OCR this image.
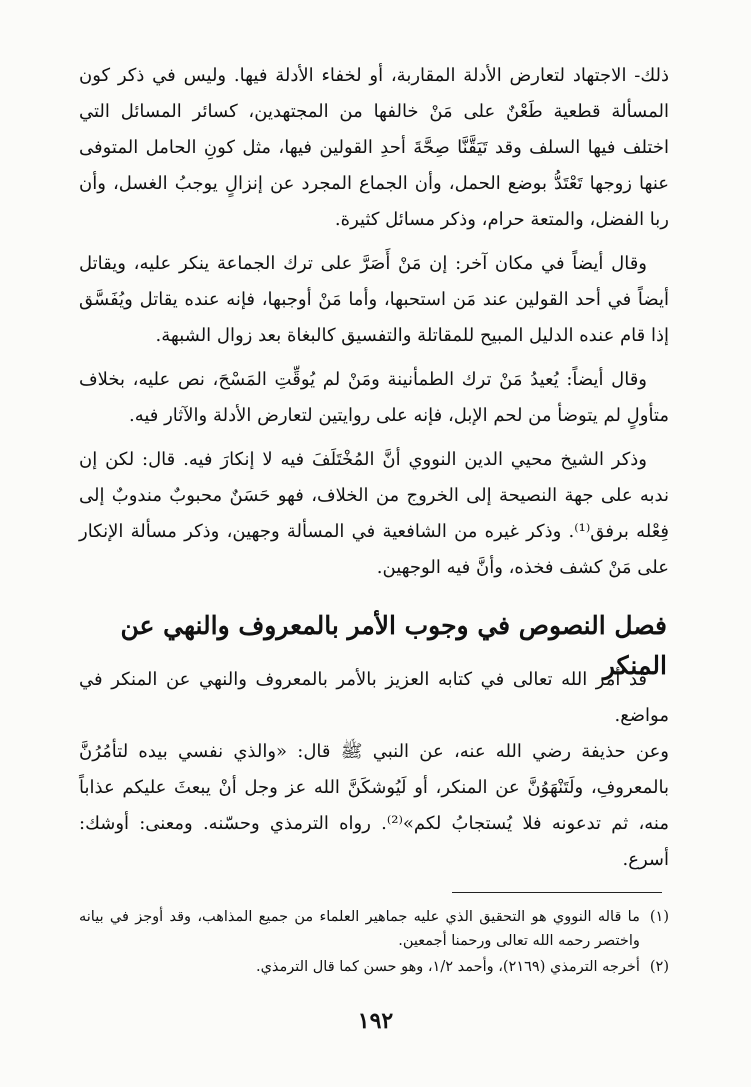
ذلك- الاجتهاد لتعارض الأدلة المقاربة، أو لخفاء الأدلة فيها. وليس في ذكر كون المسألة قطعية طَعْنٌ على مَنْ خالفها من المجتهدين، كسائر المسائل التي اختلف فيها السلف وقد تَيَقَّنَّا صِحَّةَ أحدِ القولين فيها، مثل كونِ الحامل المتوفى عنها زوجها تَعْتَدُّ بوضع الحمل، وأن الجماع المجرد عن إنزالٍ يوجبُ الغسل، وأن ربا الفضل، والمتعة حرام، وذكر مسائل كثيرة.

وقال أيضاً في مكان آخر: إن مَنْ أَصَرَّ على ترك الجماعة ينكر عليه، ويقاتل أيضاً في أحد القولين عند مَن استحبها، وأما مَنْ أوجبها، فإنه عنده يقاتل ويُفَسَّق إذا قام عنده الدليل المبيح للمقاتلة والتفسيق كالبغاة بعد زوال الشبهة.

وقال أيضاً: يُعيدُ مَنْ ترك الطمأنينة ومَنْ لم يُوقِّتِ المَسْحَ، نص عليه، بخلاف متأولٍ لم يتوضأ من لحم الإبل، فإنه على روايتين لتعارض الأدلة والآثار فيه.

وذكر الشيخ محيي الدين النووي أنَّ المُخْتَلَفَ فيه لا إنكارَ فيه. قال: لكن إن ندبه على جهة النصيحة إلى الخروج من الخلاف، فهو حَسَنٌ محبوبٌ مندوبٌ إلى فِعْله برفق⁽¹⁾. وذكر غيره من الشافعية في المسألة وجهين، وذكر مسألة الإنكار على مَنْ كشف فخذه، وأنَّ فيه الوجهين.

فصل النصوص في وجوب الأمر بالمعروف والنهي عن المنكر

قد أمر الله تعالى في كتابه العزيز بالأمر بالمعروف والنهي عن المنكر في مواضع.

وعن حذيفة رضي الله عنه، عن النبي ﷺ قال: «والذي نفسي بيده لتأمُرُنَّ بالمعروفِ، ولَتَنْهَوُنَّ عن المنكر، أو لَيُوشكَنَّ الله عز وجل أنْ يبعثَ عليكم عذاباً منه، ثم تدعونه فلا يُستجابُ لكم»⁽²⁾. رواه الترمذي وحسّنه. ومعنى: أوشك: أسرع.

(١)
ما قاله النووي هو التحقيق الذي عليه جماهير العلماء من جميع المذاهب، وقد أوجز في بيانه واختصر رحمه الله تعالى ورحمنا أجمعين.
(٢)
أخرجه الترمذي (٢١٦٩)، وأحمد ١/٢، وهو حسن كما قال الترمذي.
١٩٢
